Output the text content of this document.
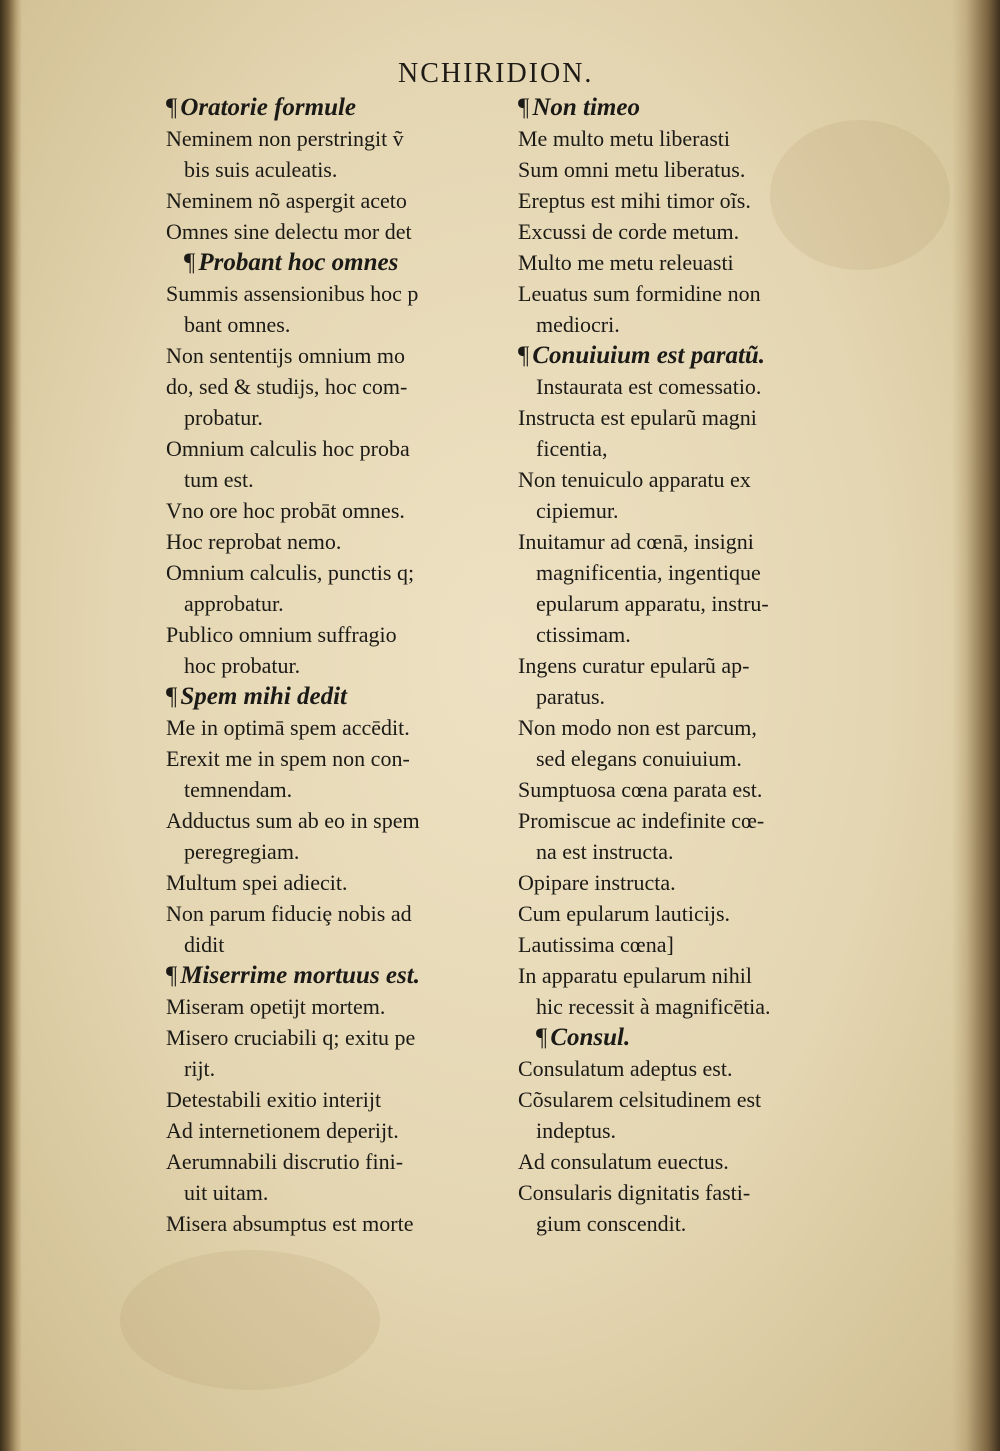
NCHIRIDION.
¶ Oratorie formule
Neminem non perstringit ṽ
bis suis aculeatis.
Neminem nõ aspergit aceto
Omnes sine delectu mor det
¶ Probant hoc omnes
Summis assensionibus hoc p
bant omnes.
Non sententijs omnium mo
do, sed & studijs, hoc com-
probatur.
Omnium calculis hoc proba
tum est.
Vno ore hoc probāt omnes.
Hoc reprobat nemo.
Omnium calculis, punctis q;
approbatur.
Publico omnium suffragio
hoc probatur.
¶ Spem mihi dedit
Me in optimā spem accēdit.
Erexit me in spem non con-
temnendam.
Adductus sum ab eo in spem
peregregiam.
Multum spei adiecit.
Non parum fiduciȩ nobis ad
didit
¶ Miserrime mortuus est.
Miseram opetijt mortem.
Misero cruciabili q; exitu pe
rijt.
Detestabili exitio interijt
Ad internetionem deperijt.
Aerumnabili discrutio fini-
uit uitam.
Misera absumptus est morte
¶ Non timeo
Me multo metu liberasti
Sum omni metu liberatus.
Ereptus est mihi timor oĩs.
Excussi de corde metum.
Multo me metu releuasti
Leuatus sum formidine non
mediocri.
¶ Conuiuium est paratũ.
Instaurata est comessatio.
Instructa est epularũ magni
ficentia,
Non tenuiculo apparatu ex
cipiemur.
Inuitamur ad cœnā, insigni
magnificentia, ingentique
epularum apparatu, instru-
ctissimam.
Ingens curatur epularũ ap-
paratus.
Non modo non est parcum,
sed elegans conuiuium.
Sumptuosa cœna parata est.
Promiscue ac indefinite cœ-
na est instructa.
Opipare instructa.
Cum epularum lauticijs.
Lautissima cœna]
In apparatu epularum nihil
hic recessit à magnificētia.
¶ Consul.
Consulatum adeptus est.
Cõsularem celsitudinem est
indeptus.
Ad consulatum euectus.
Consularis dignitatis fasti-
gium conscendit.
